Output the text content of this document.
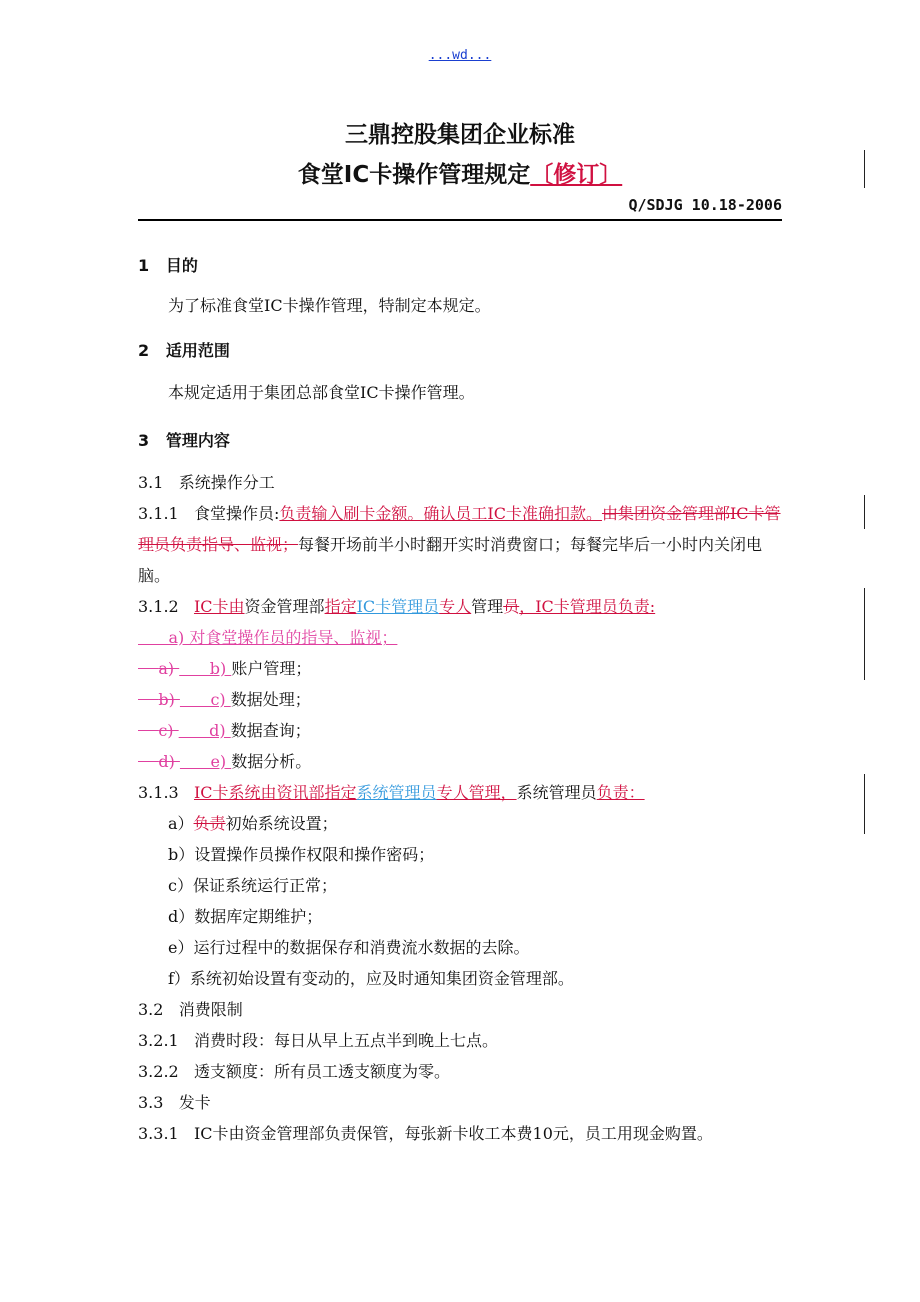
...wd...
三鼎控股集团企业标准
食堂IC卡操作管理规定〔修订〕
Q/SDJG 10.18-2006
1   目的
为了标准食堂IC卡操作管理，特制定本规定。
2   适用范围
本规定适用于集团总部食堂IC卡操作管理。
3   管理内容
3.1   系统操作分工
3.1.1   食堂操作员:负责输入刷卡金额。确认员工IC卡准确扣款。由集团资金管理部IC卡管理员负责指导、监视；每餐开场前半小时翻开实时消费窗口；每餐完毕后一小时内关闭电脑。
3.1.2   IC卡由资金管理部指定IC卡管理员专人管理员，IC卡管理员负责:
a) 对食堂操作员的指导、监视；
a)       b) 账户管理；
b)       c) 数据处理；
c)       d) 数据查询；
d)       e) 数据分析。
3.1.3   IC卡系统由资讯部指定系统管理员专人管理，系统管理员负责：
a）负责初始系统设置；
b）设置操作员操作权限和操作密码；
c）保证系统运行正常；
d）数据库定期维护；
e）运行过程中的数据保存和消费流水数据的去除。
f）系统初始设置有变动的，应及时通知集团资金管理部。
3.2   消费限制
3.2.1   消费时段：每日从早上五点半到晚上七点。
3.2.2   透支额度：所有员工透支额度为零。
3.3   发卡
3.3.1   IC卡由资金管理部负责保管，每张新卡收工本费10元，员工用现金购置。
